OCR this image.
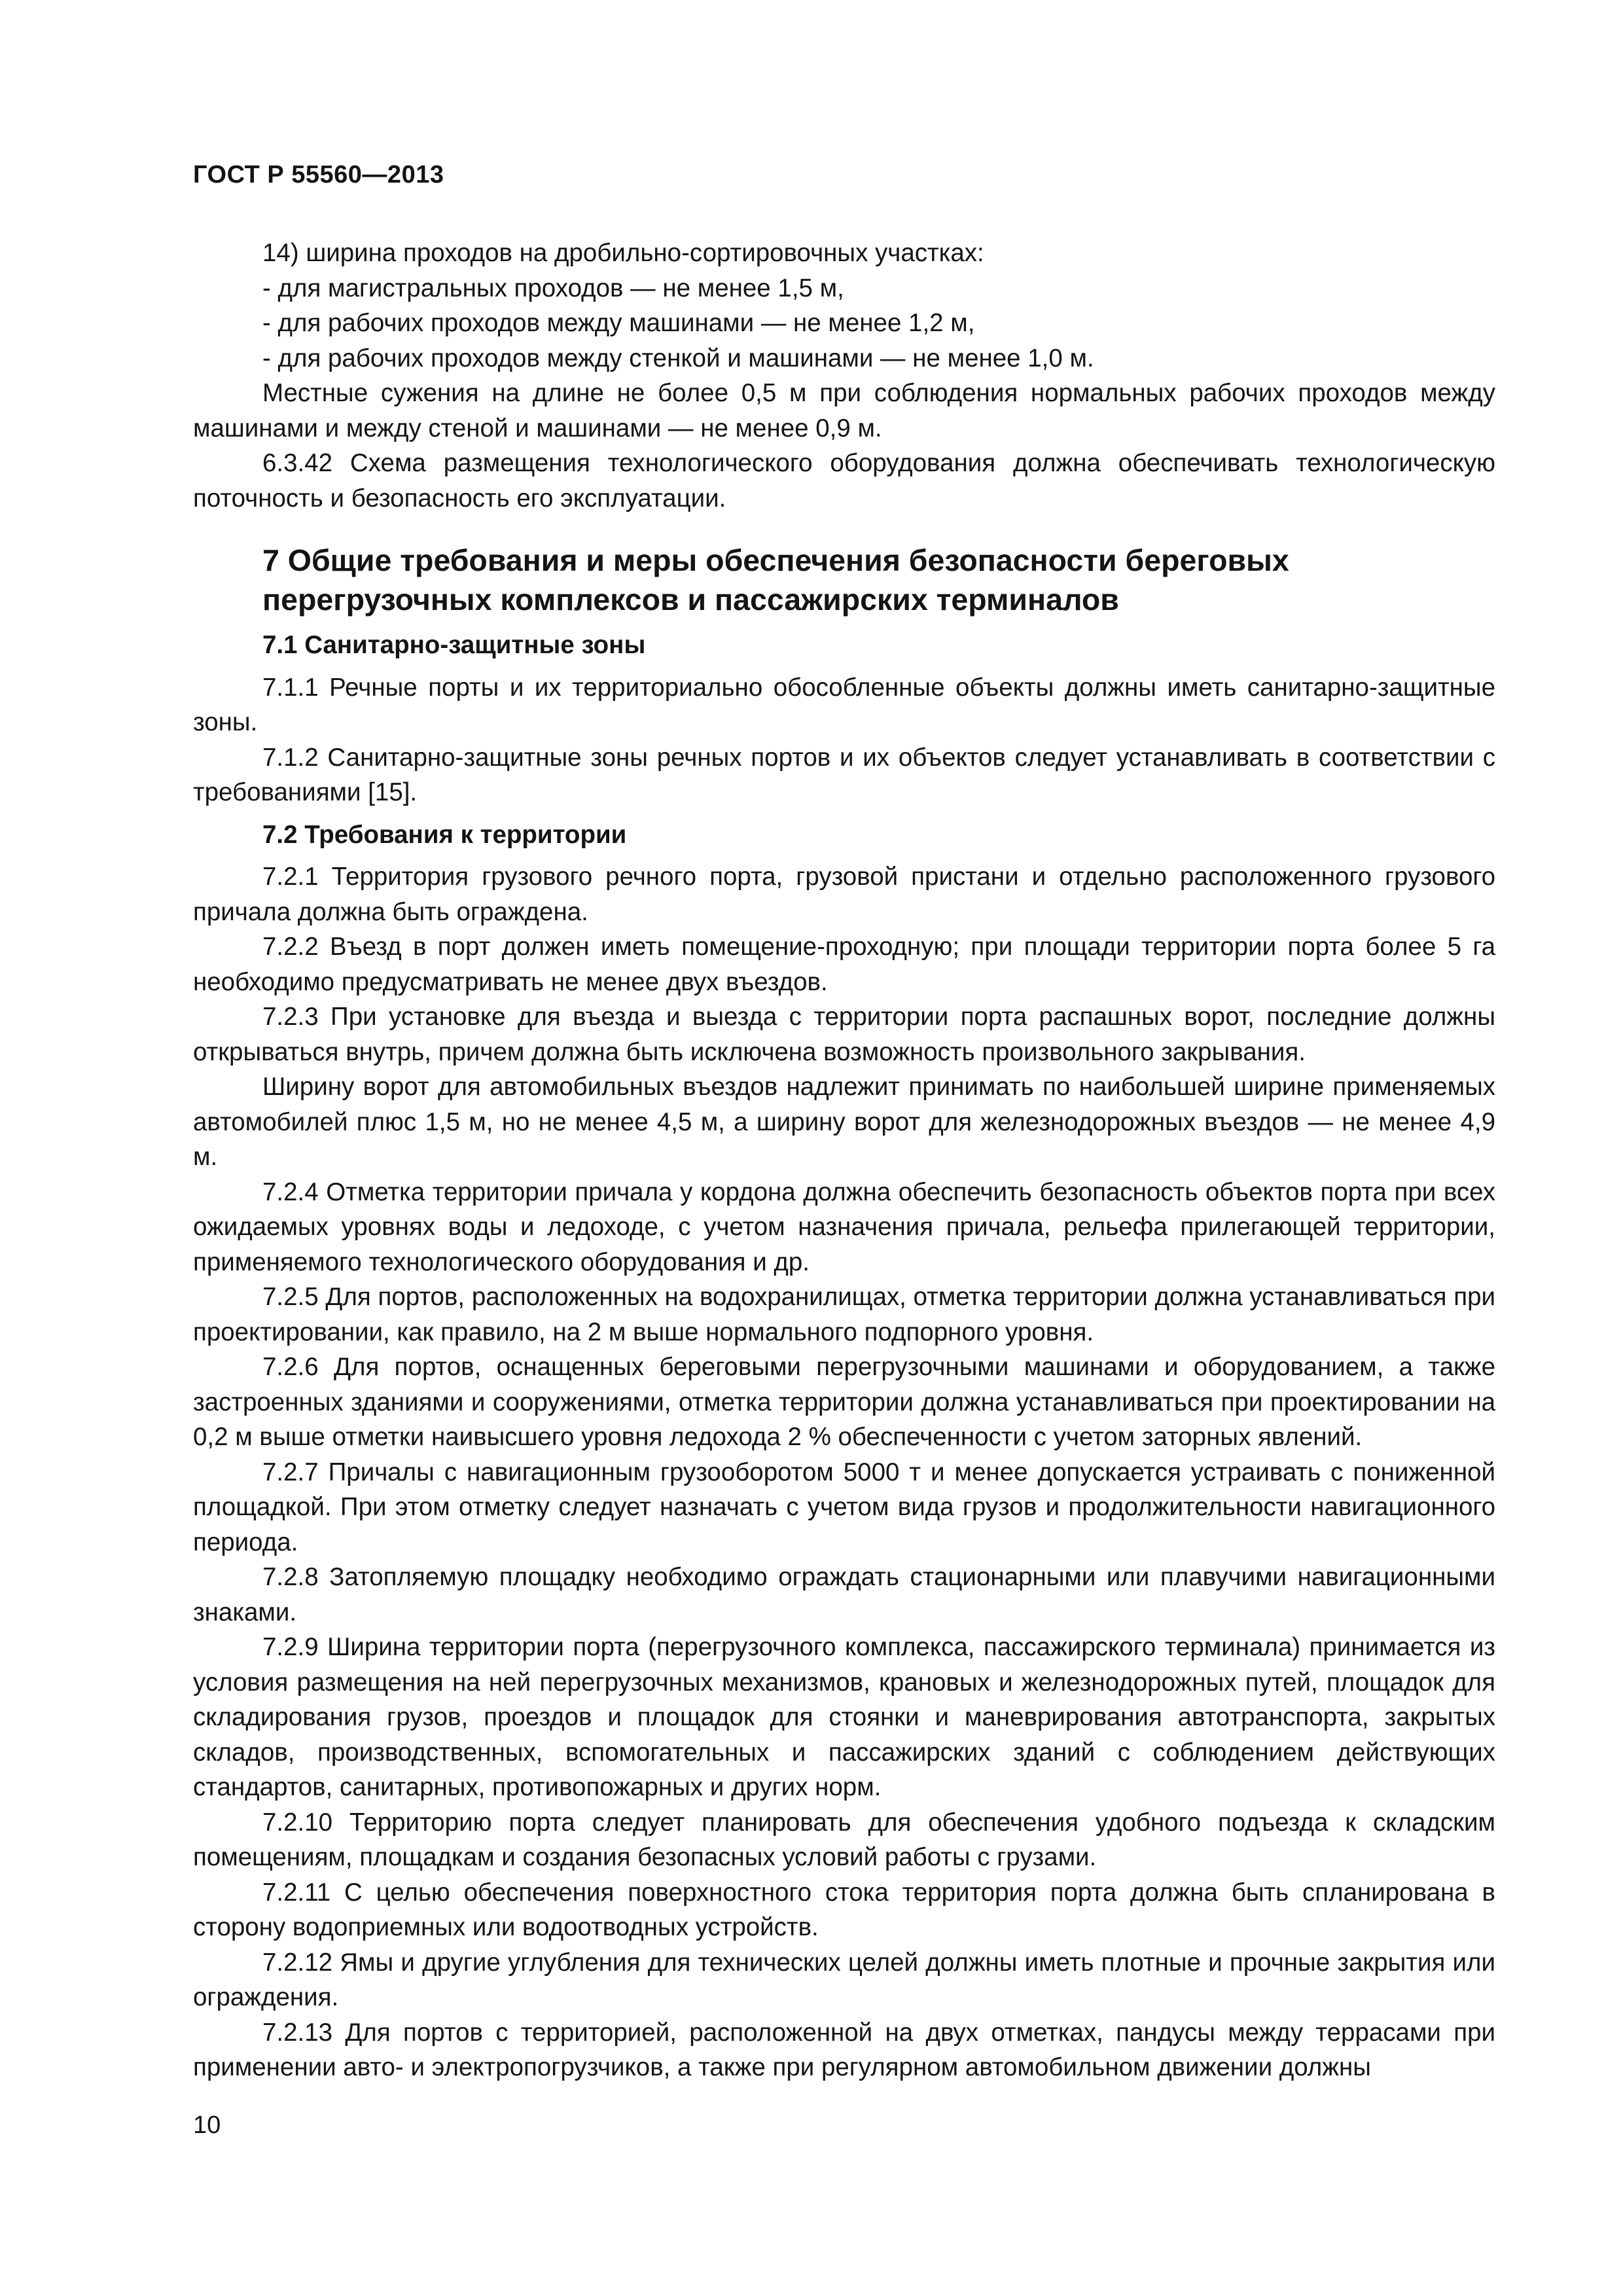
ГОСТ Р 55560—2013

14) ширина проходов на дробильно-сортировочных участках:

- для магистральных проходов — не менее 1,5 м,

- для рабочих проходов между машинами — не менее 1,2 м,

- для рабочих проходов между стенкой и машинами — не менее 1,0 м.

Местные сужения на длине не более 0,5 м при соблюдения нормальных рабочих проходов между машинами и между стеной и машинами — не менее 0,9 м.

6.3.42 Схема размещения технологического оборудования должна обеспечивать технологическую поточность и безопасность его эксплуатации.

7 Общие требования и меры обеспечения безопасности береговых перегрузочных комплексов и пассажирских терминалов

7.1 Санитарно-защитные зоны

7.1.1 Речные порты и их территориально обособленные объекты должны иметь санитарно-защитные зоны.

7.1.2 Санитарно-защитные зоны речных портов и их объектов следует устанавливать в соответствии с требованиями [15].

7.2 Требования к территории

7.2.1 Территория грузового речного порта, грузовой пристани и отдельно расположенного грузового причала должна быть ограждена.

7.2.2 Въезд в порт должен иметь помещение-проходную; при площади территории порта более 5 га необходимо предусматривать не менее двух въездов.

7.2.3 При установке для въезда и выезда с территории порта распашных ворот, последние должны открываться внутрь, причем должна быть исключена возможность произвольного закрывания.

Ширину ворот для автомобильных въездов надлежит принимать по наибольшей ширине применяемых автомобилей плюс 1,5 м, но не менее 4,5 м, а ширину ворот для железнодорожных въездов — не менее 4,9 м.

7.2.4 Отметка территории причала у кордона должна обеспечить безопасность объектов порта при всех ожидаемых уровнях воды и ледоходе, с учетом назначения причала, рельефа прилегающей территории, применяемого технологического оборудования и др.

7.2.5 Для портов, расположенных на водохранилищах, отметка территории должна устанавливаться при проектировании, как правило, на 2 м выше нормального подпорного уровня.

7.2.6 Для портов, оснащенных береговыми перегрузочными машинами и оборудованием, а также застроенных зданиями и сооружениями, отметка территории должна устанавливаться при проектировании на 0,2 м выше отметки наивысшего уровня ледохода 2 % обеспеченности с учетом заторных явлений.

7.2.7 Причалы с навигационным грузооборотом 5000 т и менее допускается устраивать с пониженной площадкой. При этом отметку следует назначать с учетом вида грузов и продолжительности навигационного периода.

7.2.8 Затопляемую площадку необходимо ограждать стационарными или плавучими навигационными знаками.

7.2.9 Ширина территории порта (перегрузочного комплекса, пассажирского терминала) принимается из условия размещения на ней перегрузочных механизмов, крановых и железнодорожных путей, площадок для складирования грузов, проездов и площадок для стоянки и маневрирования автотранспорта, закрытых складов, производственных, вспомогательных и пассажирских зданий с соблюдением действующих стандартов, санитарных, противопожарных и других норм.

7.2.10 Территорию порта следует планировать для обеспечения удобного подъезда к складским помещениям, площадкам и создания безопасных условий работы с грузами.

7.2.11 С целью обеспечения поверхностного стока территория порта должна быть спланирована в сторону водоприемных или водоотводных устройств.

7.2.12 Ямы и другие углубления для технических целей должны иметь плотные и прочные закрытия или ограждения.

7.2.13 Для портов с территорией, расположенной на двух отметках, пандусы между террасами при применении авто- и электропогрузчиков, а также при регулярном автомобильном движении должны

10
